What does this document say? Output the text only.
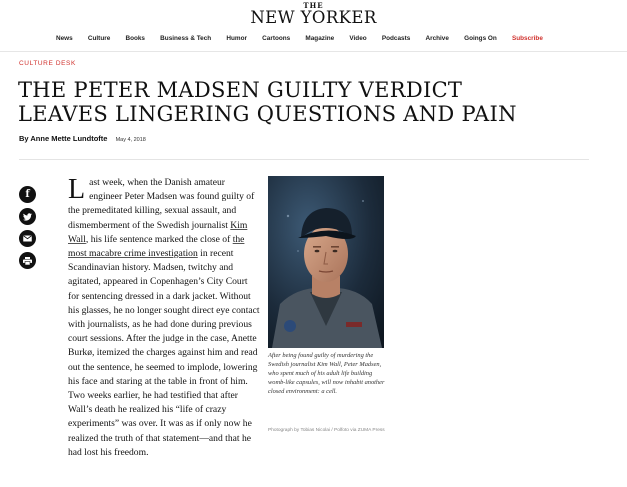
THE
NEW YORKER
News Culture Books Business & Tech Humor Cartoons Magazine Video Podcasts Archive Goings On Subscribe
CULTURE DESK
THE PETER MADSEN GUILTY VERDICT LEAVES LINGERING QUESTIONS AND PAIN
By Anne Mette Lundtofte May 4, 2018
f Last week, when the Danish amateur engineer Peter Madsen was found guilty of the premeditated killing, sexual assault, and dismemberment of the Swedish journalist Kim Wall, his life sentence marked the close of the most macabre crime investigation in recent Scandinavian history. Madsen, twitchy and agitated, appeared in Copenhagen’s City Court for sentencing dressed in a dark jacket. Without his glasses, he no longer sought direct eye contact with journalists, as he had done during previous court sessions. After the judge in the case, Anette Burkø, itemized the charges against him and read out the sentence, he seemed to implode, lowering his face and staring at the table in front of him. Two weeks earlier, he had testified that after Wall’s death he realized his “life of crazy experiments” was over. It was as if only now he realized the truth of that statement—and that he had lost his freedom.
After being found guilty of murdering the Swedish journalist Kim Wall, Peter Madsen, who spent much of his adult life building womb-like capsules, will now inhabit another closed environment: a cell.
Photograph by Tobias Nicolai / Polfoto via ZUMA Press
